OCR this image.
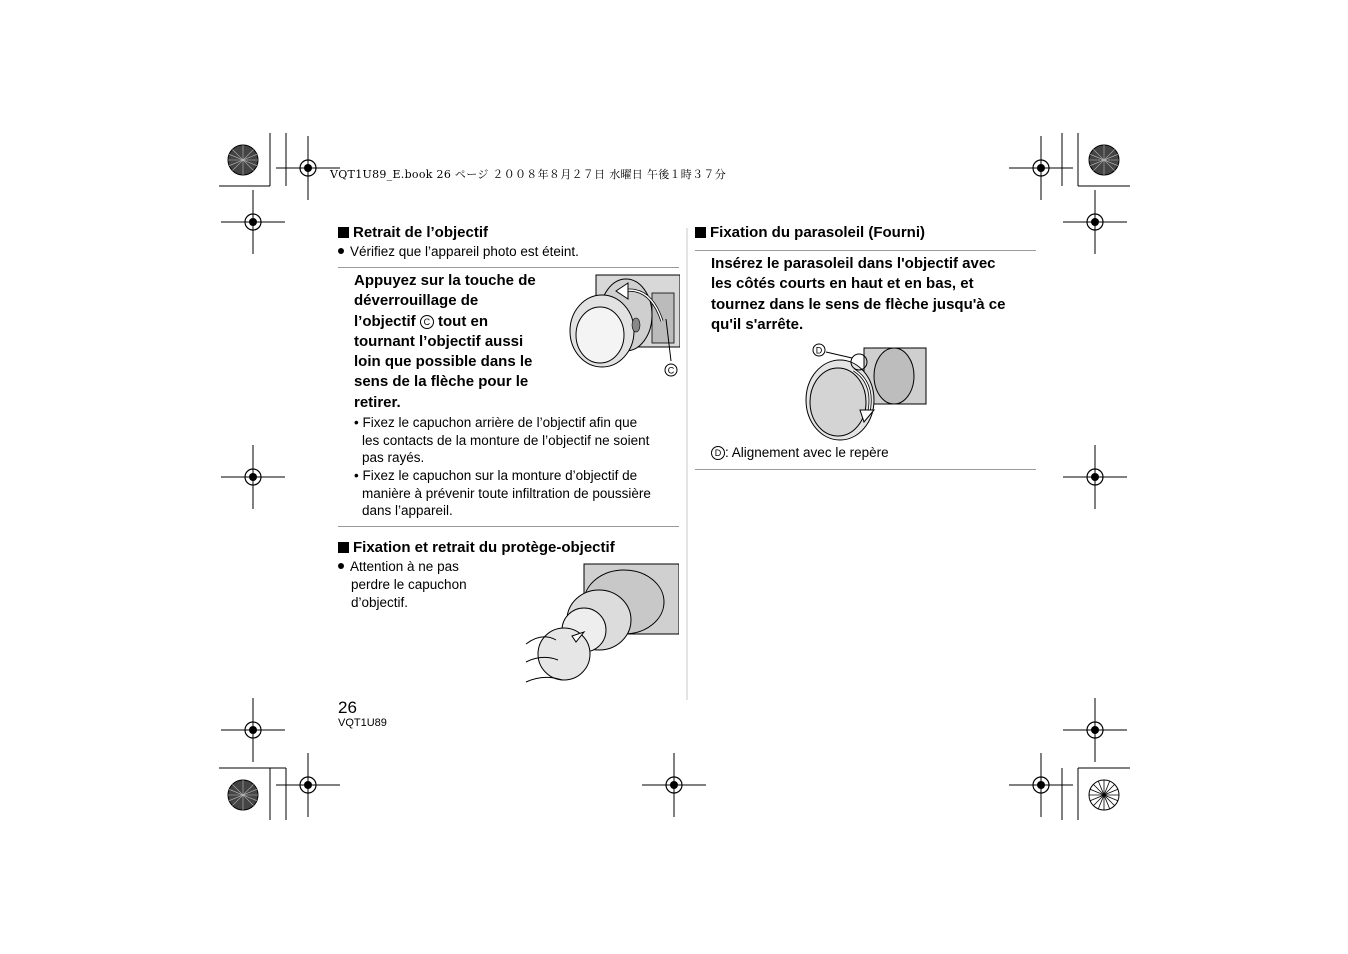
VQT1U89_E.book 26 ページ ２００８年８月２７日 水曜日 午後１時３７分
Retrait de l’objectif
Vérifiez que l’appareil photo est éteint.
Appuyez sur la touche de
déverrouillage de
l’objectif C tout en
tournant l’objectif aussi
loin que possible dans le
sens de la flèche pour le
retirer.
C
• Fixez le capuchon arrière de l’objectif afin que
les contacts de la monture de l’objectif ne soient
pas rayés.
• Fixez le capuchon sur la monture d’objectif de
manière à prévenir toute infiltration de poussière
dans l’appareil.
Fixation et retrait du protège-objectif
Attention à ne pas
perdre le capuchon
d’objectif.
Fixation du parasoleil (Fourni)
Insérez le parasoleil dans l'objectif avec
les côtés courts en haut et en bas, et
tournez dans le sens de flèche jusqu'à ce
qu'il s'arrête.
D
D : Alignement avec le repère
26
VQT1U89
